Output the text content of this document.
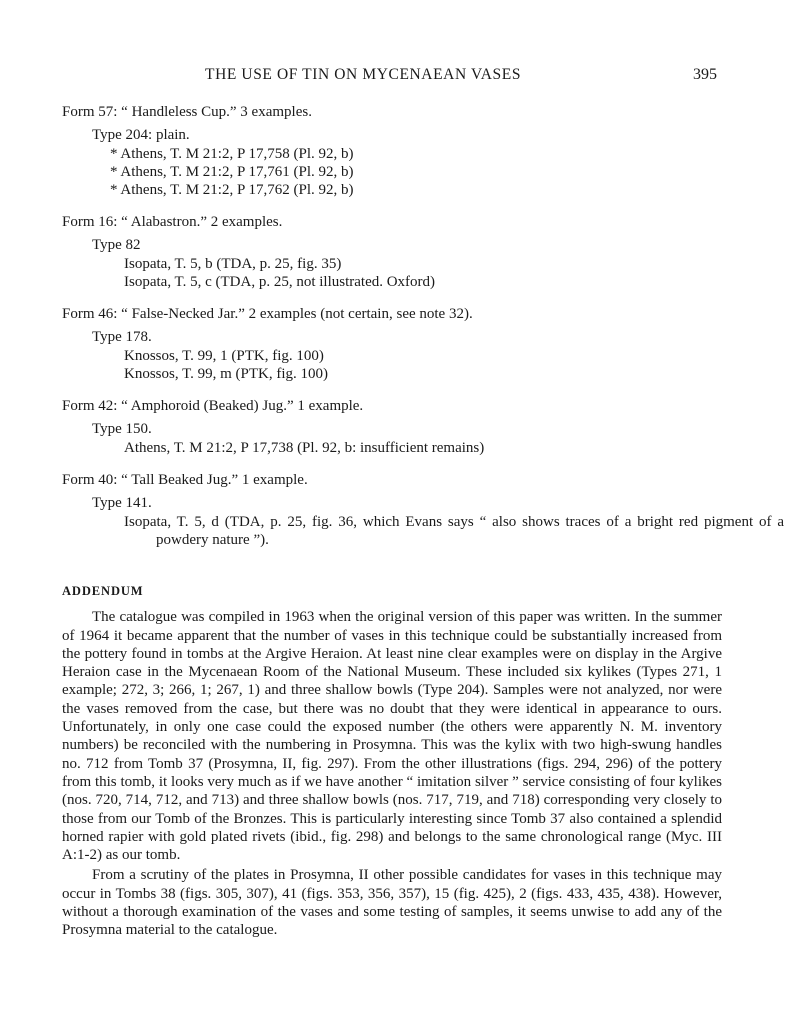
THE USE OF TIN ON MYCENAEAN VASES	395

Form 57: “ Handleless Cup.” 3 examples.

Type 204: plain.

* Athens, T. M 21:2, P 17,758 (Pl. 92, b)
* Athens, T. M 21:2, P 17,761 (Pl. 92, b)
* Athens, T. M 21:2, P 17,762 (Pl. 92, b)

Form 16: “ Alabastron.” 2 examples.

Type 82

Isopata, T. 5, b (TDA, p. 25, fig. 35)
Isopata, T. 5, c (TDA, p. 25, not illustrated. Oxford)

Form 46: “ False-Necked Jar.” 2 examples (not certain, see note 32).

Type 178.

Knossos, T. 99, 1 (PTK, fig. 100)
Knossos, T. 99, m (PTK, fig. 100)

Form 42: “ Amphoroid (Beaked) Jug.” 1 example.

Type 150.

Athens, T. M 21:2, P 17,738 (Pl. 92, b: insufficient remains)

Form 40: “ Tall Beaked Jug.” 1 example.

Type 141.

Isopata, T. 5, d (TDA, p. 25, fig. 36, which Evans says “ also shows traces of a bright red pigment of a powdery nature ”).
ADDENDUM

The catalogue was compiled in 1963 when the original version of this paper was written. In the summer of 1964 it became apparent that the number of vases in this technique could be substantially increased from the pottery found in tombs at the Argive Heraion. At least nine clear examples were on display in the Argive Heraion case in the Mycenaean Room of the National Museum. These included six kylikes (Types 271, 1 example; 272, 3; 266, 1; 267, 1) and three shallow bowls (Type 204). Samples were not analyzed, nor were the vases removed from the case, but there was no doubt that they were identical in appearance to ours. Unfortunately, in only one case could the exposed number (the others were apparently N. M. inventory numbers) be reconciled with the numbering in Prosymna. This was the kylix with two high-swung handles no. 712 from Tomb 37 (Prosymna, II, fig. 297). From the other illustrations (figs. 294, 296) of the pottery from this tomb, it looks very much as if we have another “ imitation silver ” service consisting of four kylikes (nos. 720, 714, 712, and 713) and three shallow bowls (nos. 717, 719, and 718) corresponding very closely to those from our Tomb of the Bronzes. This is particularly interesting since Tomb 37 also contained a splendid horned rapier with gold plated rivets (ibid., fig. 298) and belongs to the same chronological range (Myc. III A:1-2) as our tomb.

From a scrutiny of the plates in Prosymna, II other possible candidates for vases in this technique may occur in Tombs 38 (figs. 305, 307), 41 (figs. 353, 356, 357), 15 (fig. 425), 2 (figs. 433, 435, 438). However, without a thorough examination of the vases and some testing of samples, it seems unwise to add any of the Prosymna material to the catalogue.
